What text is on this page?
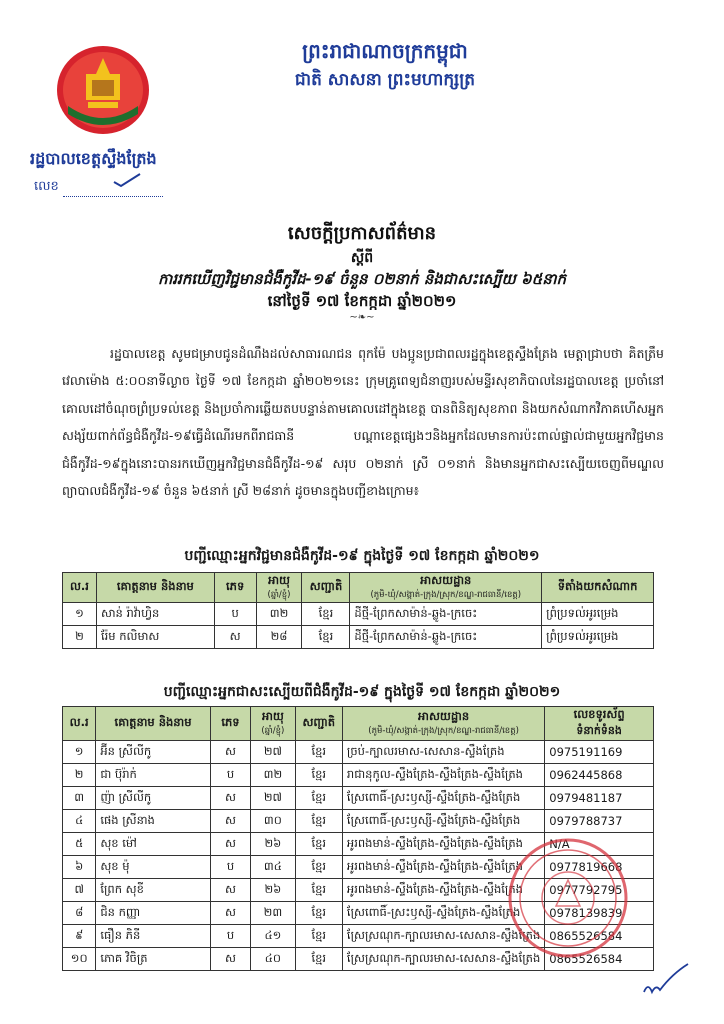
ព្រះរាជាណាចក្រកម្ពុជា
ជាតិ សាសនា ព្រះមហាក្សត្រ
រដ្ឋបាលខេត្តស្ទឹងត្រែង
លេខ
សេចក្តីប្រកាសព័ត៌មាន
ស្តីពី
ការរកឃើញវិជ្ជមានជំងឺកូវីដ-១៩ ចំនួន ០២នាក់ និងជាសះស្បើយ ៦៥នាក់
នៅថ្ងៃទី ១៧ ខែកក្កដា ឆ្នាំ២០២១
~❧~
រដ្ឋបាលខេត្ត សូមជម្រាបជូនដំណឹងដល់សាធារណជន ពុកម៉ែ បងប្អូនប្រជាពលរដ្ឋក្នុងខេត្តស្ទឹងត្រែង មេត្តាជ្រាបថា គិតត្រឹមវេលាម៉ោង ៥:០០នាទីល្ងាច ថ្ងៃទី ១៧ ខែកក្កដា ឆ្នាំ២០២១នេះ ក្រុមគ្រូពេទ្យជំនាញរបស់មន្ទីរសុខាភិបាលនៃរដ្ឋបាលខេត្ត ប្រចាំនៅគោលដៅចំណុចព្រំប្រទល់ខេត្ត និងប្រចាំការឆ្លើយតបបន្ទាន់តាមគោលដៅក្នុងខេត្ត បានពិនិត្យសុខភាព និងយកសំណាកវិភាគហើសអ្នកសង្ស័យពាក់ព័ន្ធជំងឺកូវីដ-១៩ធ្វើដំណើរមកពីរាជធានី បណ្តាខេត្តផ្សេងៗនិងអ្នកដែលមានការប៉ះពាល់ផ្ទាល់ជាមួយអ្នកវិជ្ជមានជំងឺកូវីដ-១៩ក្នុងនោះបានរកឃើញអ្នកវិជ្ជមានជំងឺកូវីដ-១៩ សរុប ០២នាក់ ស្រី ០១នាក់ និងមានអ្នកជាសះស្បើយចេញពីមណ្ឌលព្យាបាលជំងឺកូវីដ-១៩ ចំនួន ៦៥នាក់ ស្រី ២៨នាក់ ដូចមានក្នុងបញ្ជីខាងក្រោម៖
បញ្ជីឈ្មោះអ្នកវិជ្ជមានជំងឺកូវីដ-១៩ ក្នុងថ្ងៃទី ១៧ ខែកក្កដា ឆ្នាំ២០២១
ល.រ	គោត្តនាម និងនាម	ភេទ	អាយុ
(ឆ្នាំ/ខ្ញុំ)	សញ្ជាតិ	អាសយដ្ឋាន
(ភូមិ-ឃុំ/សង្កាត់-ក្រុង/ស្រុក/ខណ្ឌ-រាជធានី/ខេត្ត)	ទីតាំងយកសំណាក
១	សាន់ រ៉ាវ៉ាហ្វិន	ប	៣២	ខ្មែរ	ដីថ្មី-ព្រែកសាម៉ាន់-ឆ្លូង-ក្រចេះ	ព្រំប្រទល់អូរម្រេង
២	រ៉ែម កលិមាស	ស	២៨	ខ្មែរ	ដីថ្មី-ព្រែកសាម៉ាន់-ឆ្លូង-ក្រចេះ	ព្រំប្រទល់អូរម្រេង
បញ្ជីឈ្មោះអ្នកជាសះស្បើយពីជំងឺកូវីដ-១៩ ក្នុងថ្ងៃទី ១៧ ខែកក្កដា ឆ្នាំ២០២១
ល.រ	គោត្តនាម និងនាម	ភេទ	អាយុ
(ឆ្នាំ/ខ្ញុំ)	សញ្ជាតិ	អាសយដ្ឋាន
(ភូមិ-ឃុំ/សង្កាត់-ក្រុង/ស្រុក/ខណ្ឌ-រាជធានី/ខេត្ត)	លេខទូរស័ព្ទ
ទំនាក់ទំនង

១	អ៊ីន ស្រីលីកូ	ស	២៧	ខ្មែរ	ច្រប់-ក្បាលរមាស-សេសាន-ស្ទឹងត្រែង	0975191169
២	ជា ប៊ុរ៉ាក់	ប	៣២	ខ្មែរ	រាជានុកូល-ស្ទឹងត្រែង-ស្ទឹងត្រែង-ស្ទឹងត្រែង	0962445868
៣	ញ៉ា ស្រីលីកូ	ស	២៧	ខ្មែរ	ស្រែពោធិ៍-ស្រះឫស្សី-ស្ទឹងត្រែង-ស្ទឹងត្រែង	0979481187
៤	ផេង ស្រីនាង	ស	៣០	ខ្មែរ	ស្រែពោធិ៍-ស្រះឫស្សី-ស្ទឹងត្រែង-ស្ទឹងត្រែង	0979788737
៥	សុខ ម៉ៅ	ស	២៦	ខ្មែរ	អូរពងមាន់-ស្ទឹងត្រែង-ស្ទឹងត្រែង-ស្ទឹងត្រែង	N/A
៦	សុខ ម៉ុ	ប	៣៤	ខ្មែរ	អូរពងមាន់-ស្ទឹងត្រែង-ស្ទឹងត្រែង-ស្ទឹងត្រែង	0977819668
៧	ព្រែក សុខី	ស	២៦	ខ្មែរ	អូរពងមាន់-ស្ទឹងត្រែង-ស្ទឹងត្រែង-ស្ទឹងត្រែង	0977792795
៨	ជិន កញ្ញា	ស	២៣	ខ្មែរ	ស្រែពោធិ៍-ស្រះឫស្សី-ស្ទឹងត្រែង-ស្ទឹងត្រែង	0978139839
៩	ធឿន ភិនី	ប	៤១	ខ្មែរ	ស្រែស្រណុក-ក្បាលរមាស-សេសាន-ស្ទឹងត្រែង	0865526584
១០	ភោគ វិចិត្រ	ស	៤០	ខ្មែរ	ស្រែស្រណុក-ក្បាលរមាស-សេសាន-ស្ទឹងត្រែង	0865526584
